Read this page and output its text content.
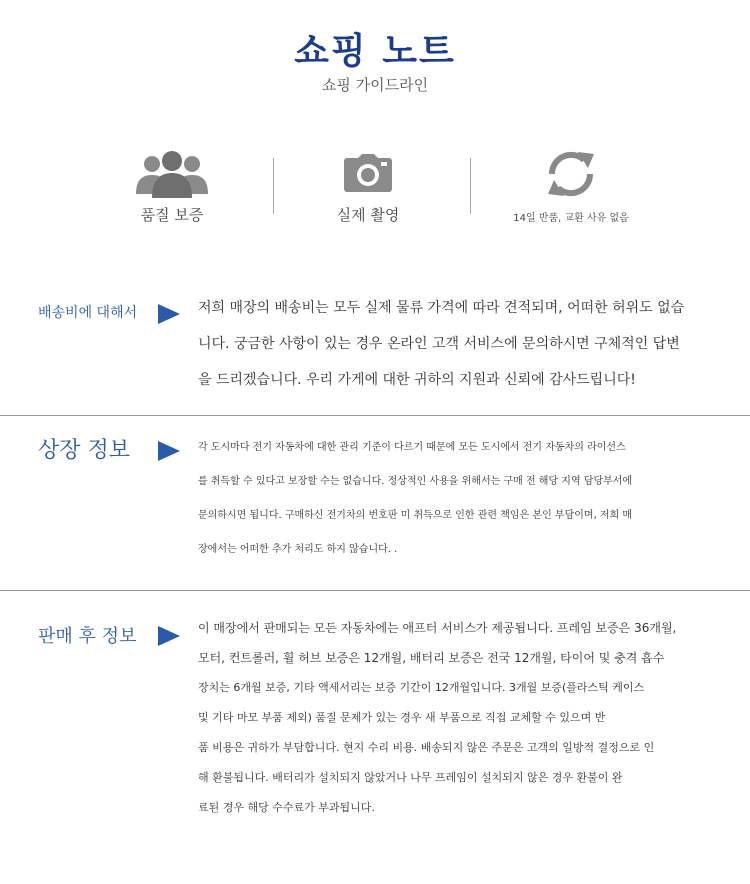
쇼핑 노트
쇼핑 가이드라인
품질 보증	실제 촬영	14일 반품, 교환 사유 없음
배송비에 대해서	저희 매장의 배송비는 모두 실제 물류 가격에 따라 견적되며, 어떠한 허위도 없습

니다. 궁금한 사항이 있는 경우 온라인 고객 서비스에 문의하시면 구체적인 답변

을 드리겠습니다. 우리 가게에 대한 귀하의 지원과 신뢰에 감사드립니다!

상장 정보	각 도시마다 전기 자동차에 대한 관리 기준이 다르기 때문에 모든 도시에서 전기 자동차의 라이선스

를 취득할 수 있다고 보장할 수는 없습니다. 정상적인 사용을 위해서는 구매 전 해당 지역 담당부서에

문의하시면 됩니다. 구매하신 전기차의 번호판 미 취득으로 인한 관련 책임은 본인 부담이며, 저희 매

장에서는 어떠한 추가 처리도 하지 않습니다. .

판매 후 정보	이 매장에서 판매되는 모든 자동차에는 애프터 서비스가 제공됩니다. 프레임 보증은 36개월,

모터, 컨트롤러, 휠 허브 보증은 12개월, 배터리 보증은 전국 12개월, 타이어 및 충격 흡수

장치는 6개월 보증, 기타 액세서리는 보증 기간이 12개월입니다. 3개월 보증(플라스틱 케이스

및 기타 마모 부품 제외) 품질 문제가 있는 경우 새 부품으로 직접 교체할 수 있으며 반

품 비용은 귀하가 부담합니다. 현지 수리 비용. 배송되지 않은 주문은 고객의 일방적 결정으로 인

해 환불됩니다. 배터리가 설치되지 않았거나 나무 프레임이 설치되지 않은 경우 환불이 완

료된 경우 해당 수수료가 부과됩니다.
